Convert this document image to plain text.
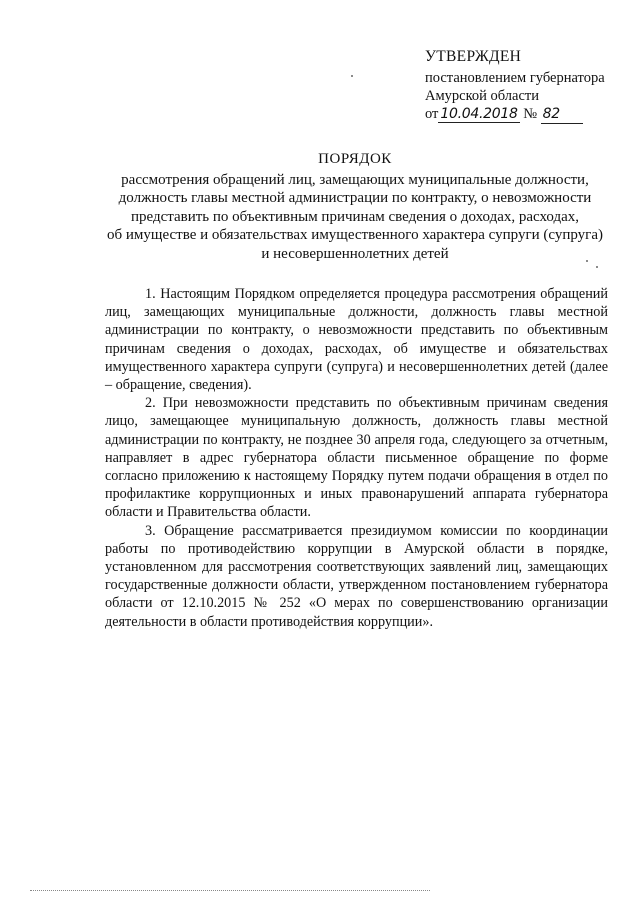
УТВЕРЖДЕН
постановлением губернатора
Амурской области
от 10.04.2018 № 82
ПОРЯДОК
рассмотрения обращений лиц, замещающих муниципальные должности,
должность главы местной администрации по контракту, о невозможности
представить по объективным причинам сведения о доходах, расходах,
об имуществе и обязательствах имущественного характера супруги (супруга)
и несовершеннолетних детей

1. Настоящим Порядком определяется процедура рассмотрения обращений лиц, замещающих муниципальные должности, должность главы местной администрации по контракту, о невозможности представить по объективным причинам сведения о доходах, расходах, об имуществе и обязательствах имущественного характера супруги (супруга) и несовершеннолетних детей (далее – обращение, сведения).

2. При невозможности представить по объективным причинам сведения лицо, замещающее муниципальную должность, должность главы местной администрации по контракту, не позднее 30 апреля года, следующего за отчетным, направляет в адрес губернатора области письменное обращение по форме согласно приложению к настоящему Порядку путем подачи обращения в отдел по профилактике коррупционных и иных правонарушений аппарата губернатора области и Правительства области.

3. Обращение рассматривается президиумом комиссии по координации работы по противодействию коррупции в Амурской области в порядке, установленном для рассмотрения соответствующих заявлений лиц, замещающих государственные должности области, утвержденном постановлением губернатора области от 12.10.2015 № 252 «О мерах по совершенствованию организации деятельности в области противодействия коррупции».
